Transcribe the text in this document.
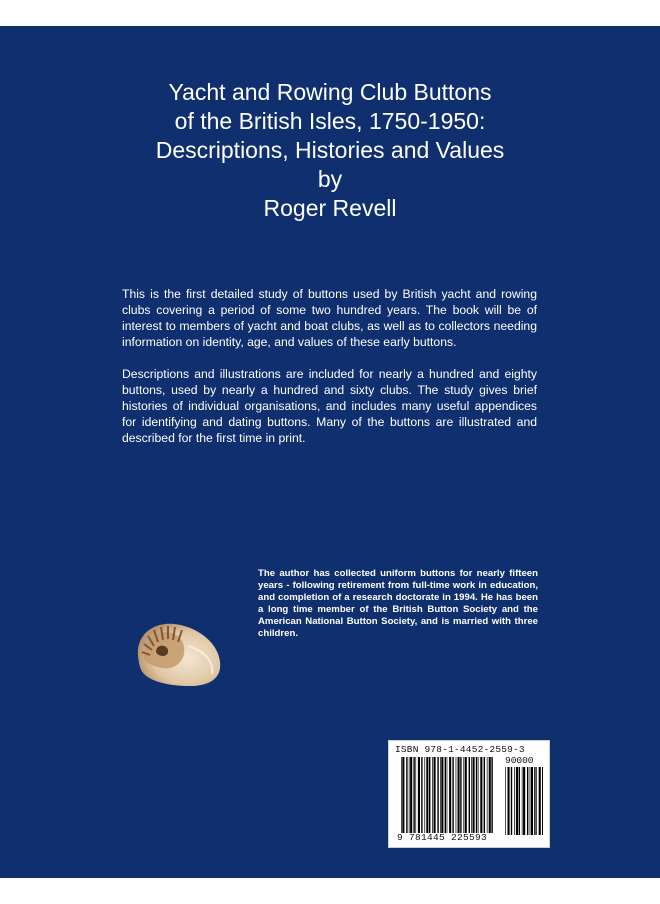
Yacht and Rowing Club Buttons
of the British Isles, 1750-1950:
Descriptions, Histories and Values
by
Roger Revell

This is the first detailed study of buttons used by British yacht and rowing clubs covering a period of some two hundred years. The book will be of interest to members of yacht and boat clubs, as well as to collectors needing information on identity, age, and values of these early buttons.

Descriptions and illustrations are included for nearly a hundred and eighty buttons, used by nearly a hundred and sixty clubs. The study gives brief histories of individual organisations, and includes many useful appendices for identifying and dating buttons. Many of the buttons are illustrated and described for the first time in print.

The author has collected uniform buttons for nearly fifteen years - following retirement from full-time work in education, and completion of a research doctorate in 1994. He has been a long time member of the British Button Society and the American National Button Society, and is married with three children.
ISBN 978-1-4452-2559-3
90000
9 781445 225593
